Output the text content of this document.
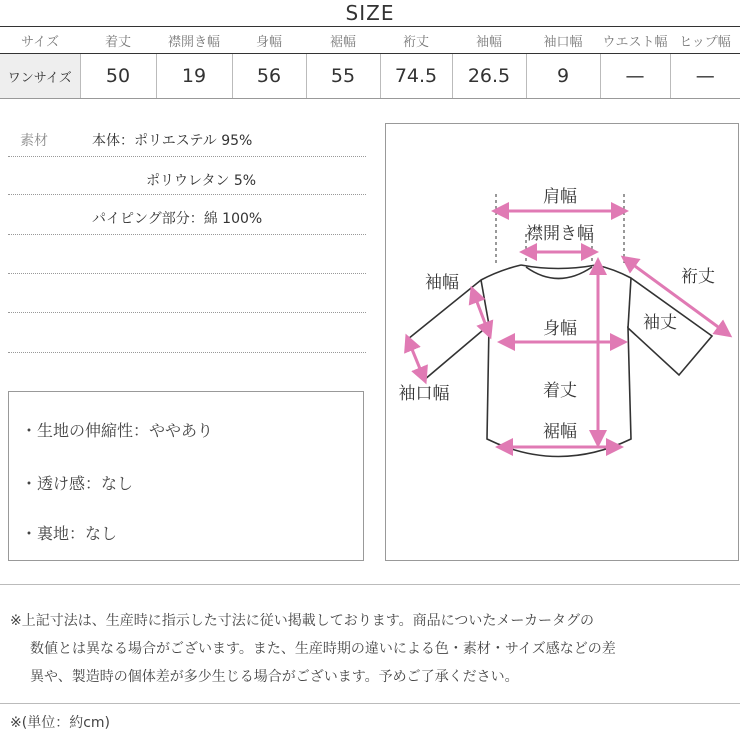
SIZE
サイズ	着丈	襟開き幅	身幅	裾幅	裄丈	袖幅	袖口幅	ウエスト幅	ヒップ幅
ワンサイズ	50	19	56	55	74.5	26.5	9	—	—
素材	本体：ポリエステル 95%
ポリウレタン 5%
パイピング部分：綿 100%
・生地の伸縮性：ややあり
・透け感：なし
・裏地：なし
肩幅
襟開き幅
裄丈
袖幅
袖丈
身幅
袖口幅	着丈
裾幅
※上記寸法は、生産時に指示した寸法に従い掲載しております。商品についたメーカータグの
数値とは異なる場合がございます。また、生産時期の違いによる色・素材・サイズ感などの差
異や、製造時の個体差が多少生じる場合がございます。予めご了承ください。
※(単位：約cm)
